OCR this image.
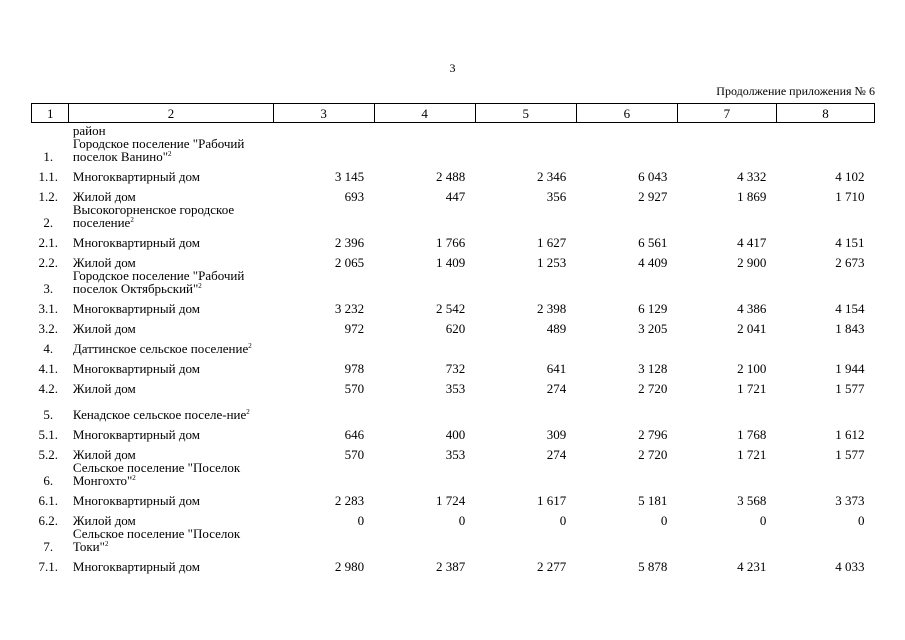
3
Продолжение приложения № 6
1	2	3	4	5	6	7	8
	район						
1.	Городское поселение "Рабочий поселок Ванино"$^2$						
1.1.	Многоквартирный дом	3 145	2 488	2 346	6 043	4 332	4 102
1.2.	Жилой дом	693	447	356	2 927	1 869	1 710
2.	Высокогорненское городское поселение$^2$						
2.1.	Многоквартирный дом	2 396	1 766	1 627	6 561	4 417	4 151
2.2.	Жилой дом	2 065	1 409	1 253	4 409	2 900	2 673
3.	Городское поселение "Рабочий поселок Октябрьский"$^2$						
3.1.	Многоквартирный дом	3 232	2 542	2 398	6 129	4 386	4 154
3.2.	Жилой дом	972	620	489	3 205	2 041	1 843
4.	Даттинское сельское поселение$^2$						
4.1.	Многоквартирный дом	978	732	641	3 128	2 100	1 944
4.2.	Жилой дом	570	353	274	2 720	1 721	1 577
5.	Кенадское сельское поселе-ние$^2$						
5.1.	Многоквартирный дом	646	400	309	2 796	1 768	1 612
5.2.	Жилой дом	570	353	274	2 720	1 721	1 577
6.	Сельское поселение "Поселок Монгохто"$^2$						
6.1.	Многоквартирный дом	2 283	1 724	1 617	5 181	3 568	3 373
6.2.	Жилой дом	0	0	0	0	0	0
7.	Сельское поселение "Поселок Токи"$^2$						
7.1.	Многоквартирный дом	2 980	2 387	2 277	5 878	4 231	4 033
